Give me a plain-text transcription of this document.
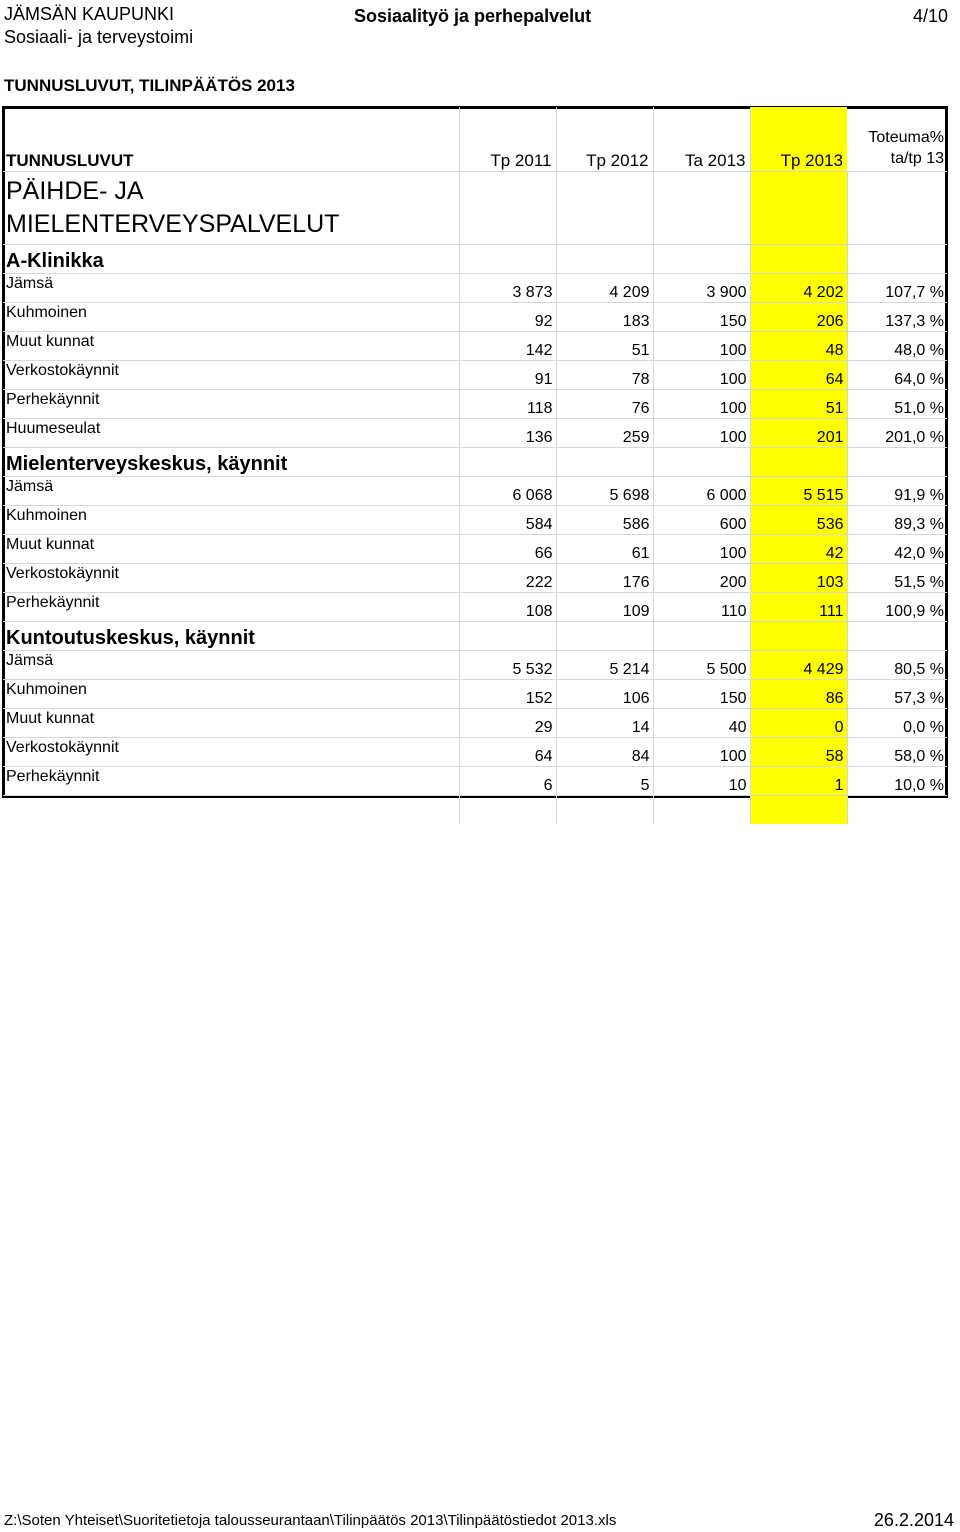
JÄMSÄN KAUPUNKI
Sosiaali- ja terveystoimi
Sosiaalityö ja perhepalvelut	4/10
TUNNUSLUVUT, TILINPÄÄTÖS 2013
TUNNUSLUVUT	Tp 2011	Tp 2012	Ta 2013	Tp 2013	Toteuma%
ta/tp 13

PÄIHDE- JA MIELENTERVEYSPALVELUT					
A-Klinikka					
Jämsä	3 873	4 209	3 900	4 202	107,7 %
Kuhmoinen	92	183	150	206	137,3 %
Muut kunnat	142	51	100	48	48,0 %
Verkostokäynnit	91	78	100	64	64,0 %
Perhekäynnit	118	76	100	51	51,0 %
Huumeseulat	136	259	100	201	201,0 %
Mielenterveyskeskus, käynnit					
Jämsä	6 068	5 698	6 000	5 515	91,9 %
Kuhmoinen	584	586	600	536	89,3 %
Muut kunnat	66	61	100	42	42,0 %
Verkostokäynnit	222	176	200	103	51,5 %
Perhekäynnit	108	109	110	111	100,9 %
Kuntoutuskeskus, käynnit					
Jämsä	5 532	5 214	5 500	4 429	80,5 %
Kuhmoinen	152	106	150	86	57,3 %
Muut kunnat	29	14	40	0	0,0 %
Verkostokäynnit	64	84	100	58	58,0 %
Perhekäynnit	6	5	10	1	10,0 %

Z:\Soten Yhteiset\Suoritetietoja talousseurantaan\Tilinpäätös 2013\Tilinpäätöstiedot 2013.xls	26.2.2014
